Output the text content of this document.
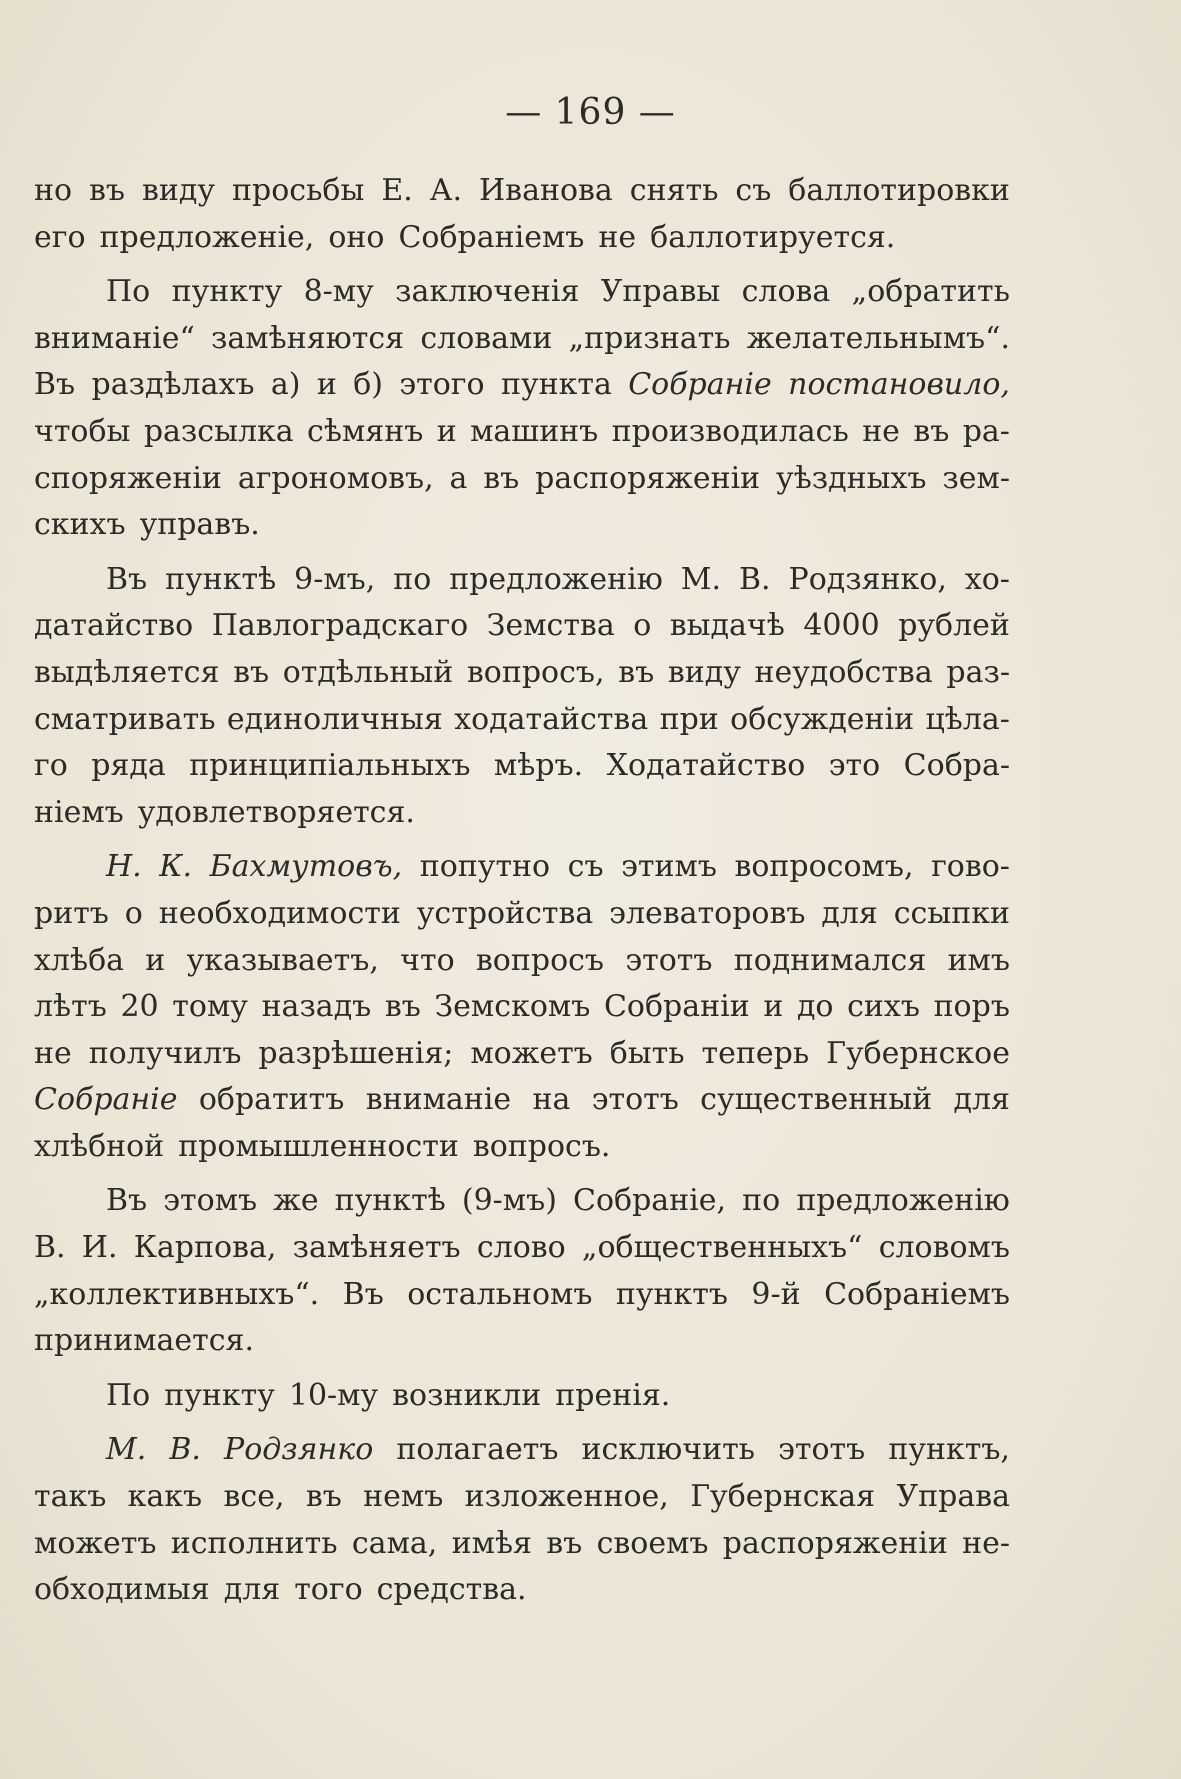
— 169 —
но въ виду просьбы Е. А. Иванова снять съ баллотировки
его предложеніе, оно Собраніемъ не баллотируется.
По пункту 8-му заключенія Управы слова „обратить
вниманіе“ замѣняются словами „признать желательнымъ“.
Въ раздѣлахъ а) и б) этого пункта Собраніе постановило,
чтобы разсылка сѣмянъ и машинъ производилась не въ ра-
споряженіи агрономовъ, а въ распоряженіи уѣздныхъ зем-
скихъ управъ.
Въ пунктѣ 9-мъ, по предложенію М. В. Родзянко, хо-
датайство Павлоградскаго Земства о выдачѣ 4000 рублей
выдѣляется въ отдѣльный вопросъ, въ виду неудобства раз-
сматривать единоличныя ходатайства при обсужденіи цѣла-
го ряда принципіальныхъ мѣръ. Ходатайство это Собра-
ніемъ удовлетворяется.
Н. К. Бахмутовъ, попутно съ этимъ вопросомъ, гово-
ритъ о необходимости устройства элеваторовъ для ссыпки
хлѣба и указываетъ, что вопросъ этотъ поднимался имъ
лѣтъ 20 тому назадъ въ Земскомъ Собраніи и до сихъ поръ
не получилъ разрѣшенія; можетъ быть теперь Губернское
Собраніе обратитъ вниманіе на этотъ существенный для
хлѣбной промышленности вопросъ.
Въ этомъ же пунктѣ (9-мъ) Собраніе, по предложенію
В. И. Карпова, замѣняетъ слово „общественныхъ“ словомъ
„коллективныхъ“. Въ остальномъ пунктъ 9-й Собраніемъ
принимается.
По пункту 10-му возникли пренія.
М. В. Родзянко полагаетъ исключить этотъ пунктъ,
такъ какъ все, въ немъ изложенное, Губернская Управа
можетъ исполнить сама, имѣя въ своемъ распоряженіи не-
обходимыя для того средства.
